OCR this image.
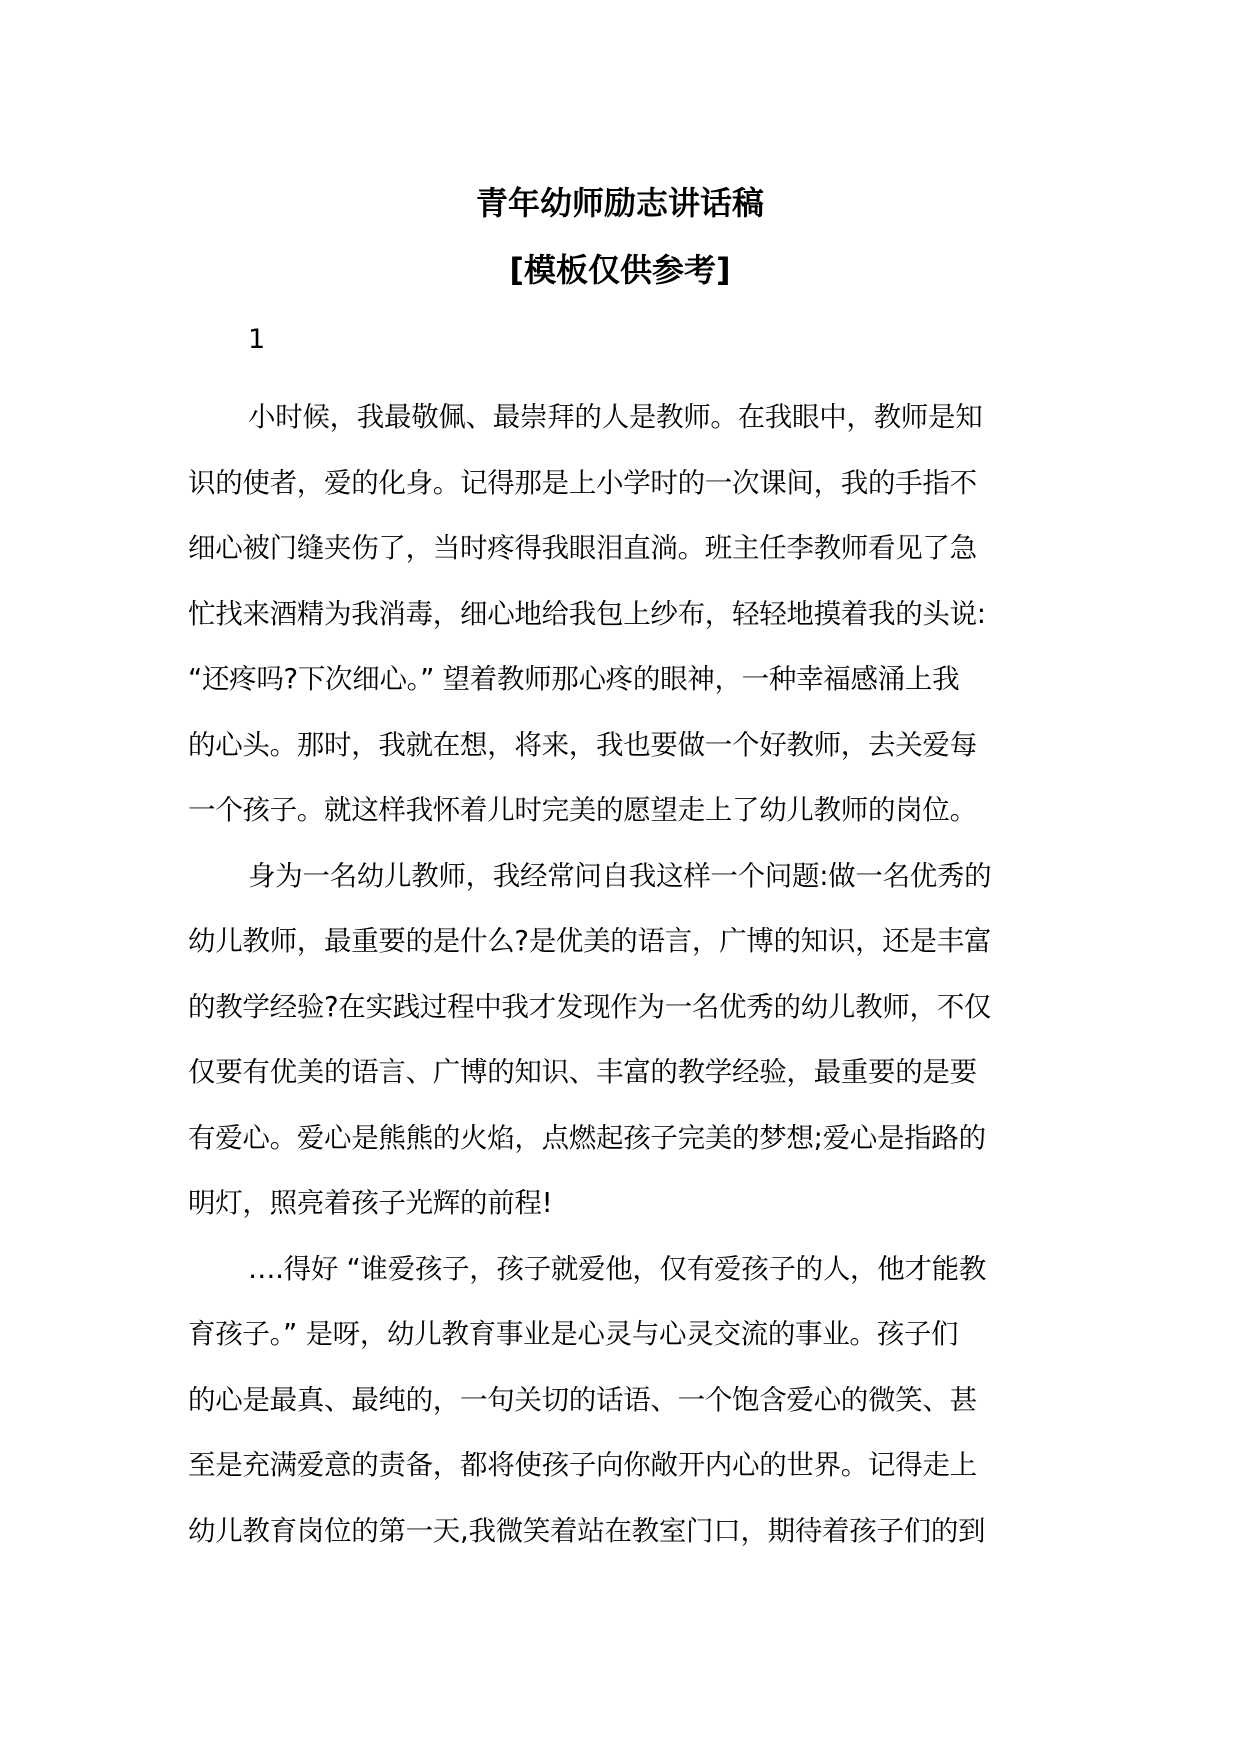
青年幼师励志讲话稿
[模板仅供参考]
1
小时候，我最敬佩、最崇拜的人是教师。在我眼中，教师是知
识的使者，爱的化身。记得那是上小学时的一次课间，我的手指不
细心被门缝夹伤了，当时疼得我眼泪直淌。班主任李教师看见了急
忙找来酒精为我消毒，细心地给我包上纱布，轻轻地摸着我的头说:
“还疼吗?下次细心。” 望着教师那心疼的眼神，一种幸福感涌上我
的心头。那时，我就在想，将来，我也要做一个好教师，去关爱每
一个孩子。就这样我怀着儿时完美的愿望走上了幼儿教师的岗位。
身为一名幼儿教师，我经常问自我这样一个问题:做一名优秀的
幼儿教师，最重要的是什么?是优美的语言，广博的知识，还是丰富
的教学经验?在实践过程中我才发现作为一名优秀的幼儿教师，不仅
仅要有优美的语言、广博的知识、丰富的教学经验，最重要的是要
有爱心。爱心是熊熊的火焰，点燃起孩子完美的梦想;爱心是指路的
明灯，照亮着孩子光辉的前程!
….得好 “谁爱孩子，孩子就爱他，仅有爱孩子的人，他才能教
育孩子。” 是呀，幼儿教育事业是心灵与心灵交流的事业。孩子们
的心是最真、最纯的，一句关切的话语、一个饱含爱心的微笑、甚
至是充满爱意的责备，都将使孩子向你敞开内心的世界。记得走上
幼儿教育岗位的第一天,我微笑着站在教室门口，期待着孩子们的到
